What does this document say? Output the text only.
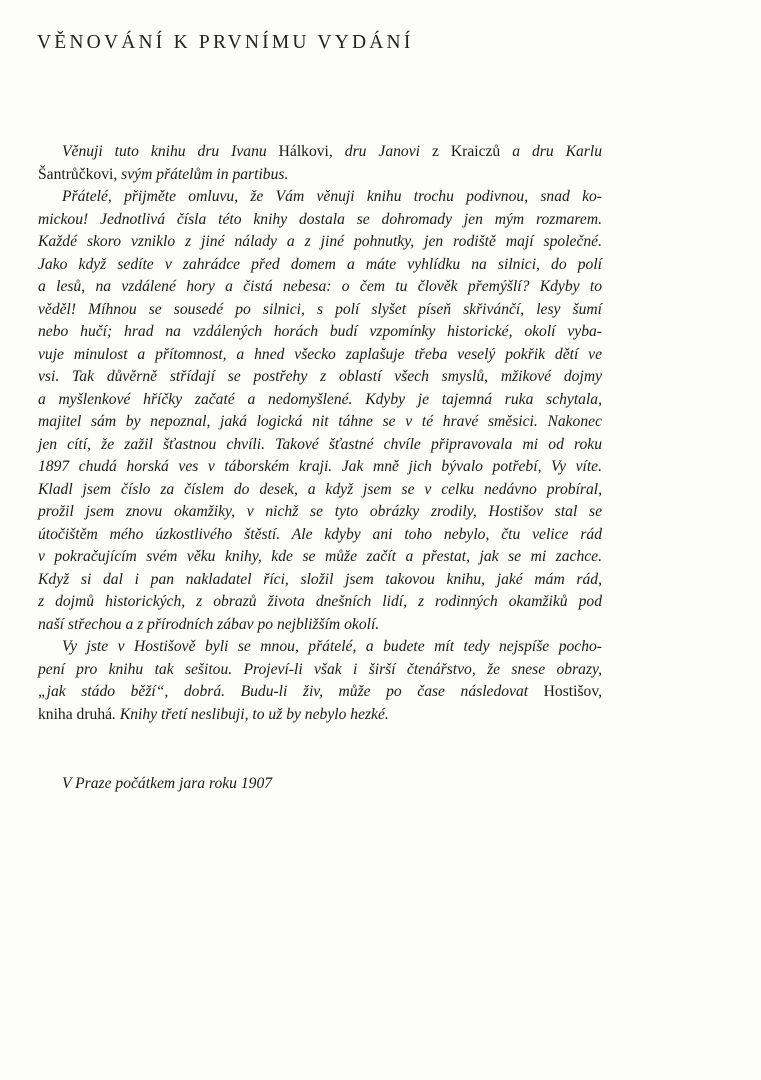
VĚNOVÁNÍ K PRVNÍMU VYDÁNÍ
Věnuji tuto knihu dru Ivanu Hálkovi, dru Janovi z Kraiczů a dru Karlu
Šantrůčkovi, svým přátelům in partibus.
Přátelé, přijměte omluvu, že Vám věnuji knihu trochu podivnou, snad ko-
mickou! Jednotlivá čísla této knihy dostala se dohromady jen mým rozmarem.
Každé skoro vzniklo z jiné nálady a z jiné pohnutky, jen rodiště mají společné.
Jako když sedíte v zahrádce před domem a máte vyhlídku na silnici, do polí
a lesů, na vzdálené hory a čistá nebesa: o čem tu člověk přemýšlí? Kdyby to
věděl! Míhnou se sousedé po silnici, s polí slyšet píseň skřivánčí, lesy šumí
nebo hučí; hrad na vzdálených horách budí vzpomínky historické, okolí vyba-
vuje minulost a přítomnost, a hned všecko zaplašuje třeba veselý pokřik dětí ve
vsi. Tak důvěrně střídají se postřehy z oblastí všech smyslů, mžikové dojmy
a myšlenkové hříčky začaté a nedomyšlené. Kdyby je tajemná ruka schytala,
majitel sám by nepoznal, jaká logická nit táhne se v té hravé směsici. Nakonec
jen cítí, že zažil šťastnou chvíli. Takové šťastné chvíle připravovala mi od roku
1897 chudá horská ves v táborském kraji. Jak mně jich bývalo potřebí, Vy víte.
Kladl jsem číslo za číslem do desek, a když jsem se v celku nedávno probíral,
prožil jsem znovu okamžiky, v nichž se tyto obrázky zrodily, Hostišov stal se
útočištěm mého úzkostlivého štěstí. Ale kdyby ani toho nebylo, čtu velice rád
v pokračujícím svém věku knihy, kde se může začít a přestat, jak se mi zachce.
Když si dal i pan nakladatel říci, složil jsem takovou knihu, jaké mám rád,
z dojmů historických, z obrazů života dnešních lidí, z rodinných okamžiků pod
naší střechou a z přírodních zábav po nejbližším okolí.
Vy jste v Hostišově byli se mnou, přátelé, a budete mít tedy nejspíše pocho-
pení pro knihu tak sešitou. Projeví-li však i širší čtenářstvo, že snese obrazy,
„jak stádo běží“, dobrá. Budu-li živ, může po čase následovat Hostišov,
kniha druhá. Knihy třetí neslibuji, to už by nebylo hezké.
V Praze počátkem jara roku 1907
